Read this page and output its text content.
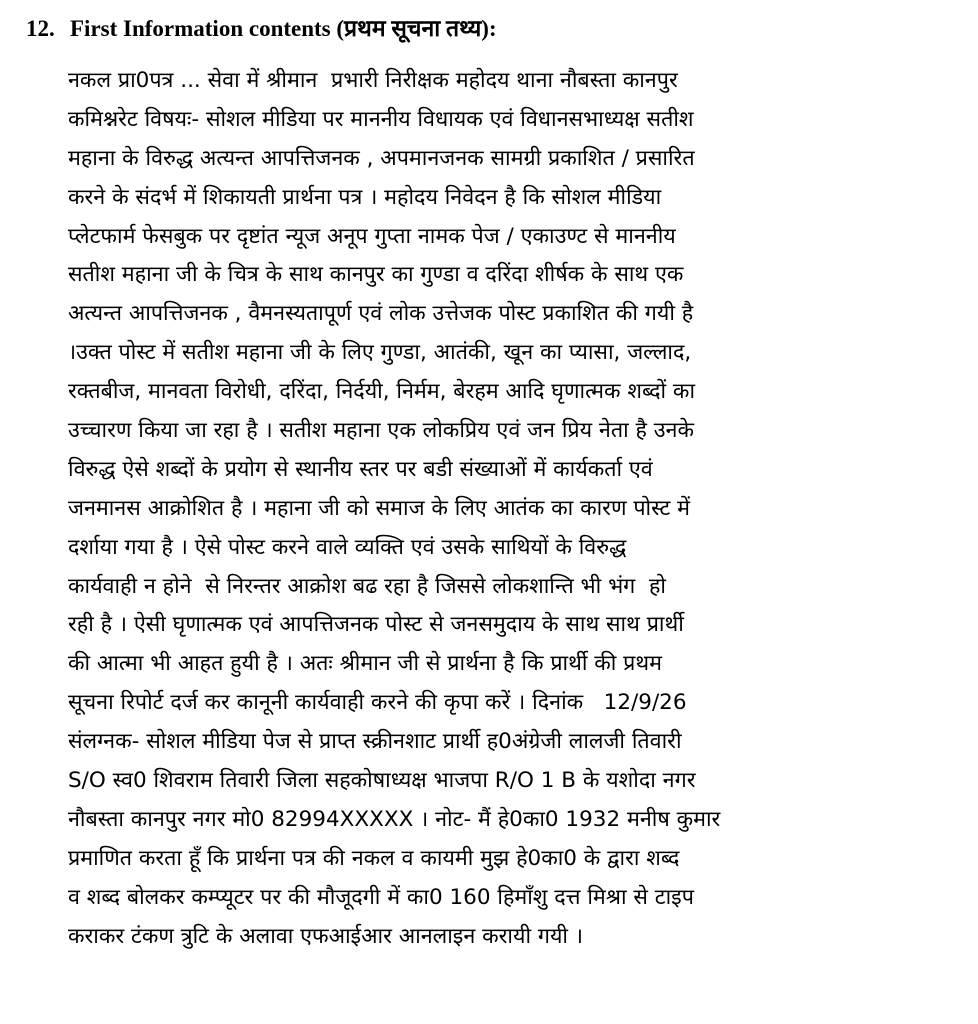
12. First Information contents (प्रथम सूचना तथ्य):
नकल प्रा0पत्र ... सेवा में श्रीमान  प्रभारी निरीक्षक महोदय थाना नौबस्ता कानपुर
कमिश्नरेट विषयः- सोशल मीडिया पर माननीय विधायक एवं विधानसभाध्यक्ष सतीश
महाना के विरुद्ध अत्यन्त आपत्तिजनक , अपमानजनक सामग्री प्रकाशित / प्रसारित
करने के संदर्भ में शिकायती प्रार्थना पत्र । महोदय निवेदन है कि सोशल मीडिया
प्लेटफार्म फेसबुक पर दृष्टांत न्यूज अनूप गुप्ता नामक पेज / एकाउण्ट से माननीय
सतीश महाना जी के चित्र के साथ कानपुर का गुण्डा व दरिंदा शीर्षक के साथ एक
अत्यन्त आपत्तिजनक , वैमनस्यतापूर्ण एवं लोक उत्तेजक पोस्ट प्रकाशित की गयी है
।उक्त पोस्ट में सतीश महाना जी के लिए गुण्डा, आतंकी, खून का प्यासा, जल्लाद,
रक्तबीज, मानवता विरोधी, दरिंदा, निर्दयी, निर्मम, बेरहम आदि घृणात्मक शब्दों का
उच्चारण किया जा रहा है । सतीश महाना एक लोकप्रिय एवं जन प्रिय नेता है उनके
विरुद्ध ऐसे शब्दों के प्रयोग से स्थानीय स्तर पर बडी संख्याओं में कार्यकर्ता एवं
जनमानस आक्रोशित है । महाना जी को समाज के लिए आतंक का कारण पोस्ट में
दर्शाया गया है । ऐसे पोस्ट करने वाले व्यक्ति एवं उसके साथियों के विरुद्ध
कार्यवाही न होने  से निरन्तर आक्रोश बढ रहा है जिससे लोकशान्ति भी भंग  हो
रही है । ऐसी घृणात्मक एवं आपत्तिजनक पोस्ट से जनसमुदाय के साथ साथ प्रार्थी
की आत्मा भी आहत हुयी है । अतः श्रीमान जी से प्रार्थना है कि प्रार्थी की प्रथम
सूचना रिपोर्ट दर्ज कर कानूनी कार्यवाही करने की कृपा करें । दिनांक   12/9/26
संलग्नक- सोशल मीडिया पेज से प्राप्त स्क्रीनशाट प्रार्थी ह0अंग्रेजी लालजी तिवारी
S/O स्व0 शिवराम तिवारी जिला सहकोषाध्यक्ष भाजपा R/O 1 B के यशोदा नगर
नौबस्ता कानपुर नगर मो0 82994XXXXX । नोट- मैं हे0का0 1932 मनीष कुमार
प्रमाणित करता हूँ कि प्रार्थना पत्र की नकल व कायमी मुझ हे0का0 के द्वारा शब्द
व शब्द बोलकर कम्प्यूटर पर की मौजूदगी में का0 160 हिमाँशु दत्त मिश्रा से टाइप
कराकर टंकण त्रुटि के अलावा एफआईआर आनलाइन करायी गयी ।
